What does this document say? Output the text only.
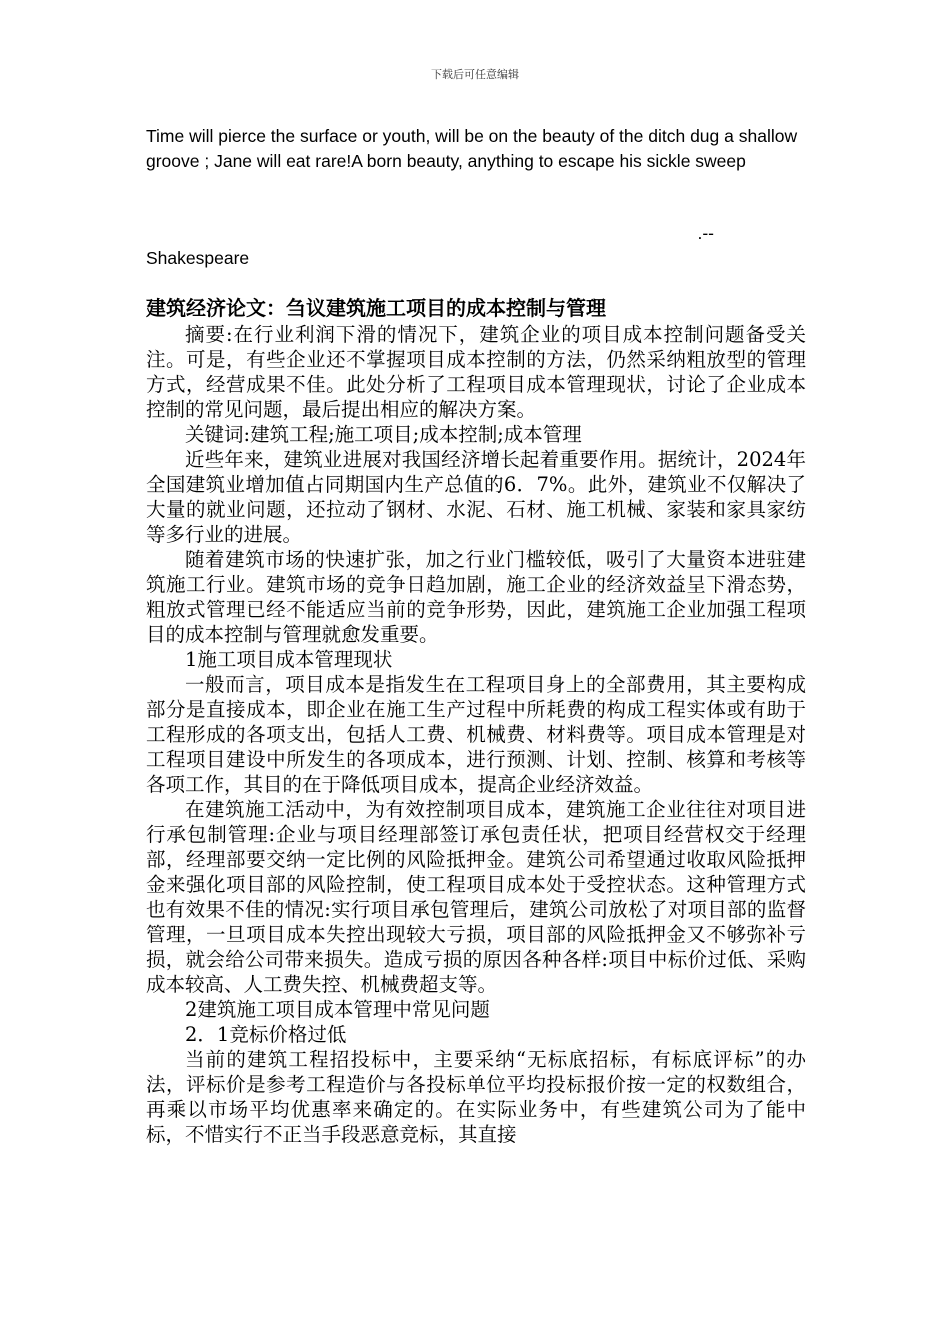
下载后可任意编辑
Time will pierce the surface or youth, will be on the beauty of the ditch dug a shallow groove ; Jane will eat rare!A born beauty, anything to escape his sickle sweep
.--
Shakespeare
建筑经济论文：刍议建筑施工项目的成本控制与管理

摘要:在行业利润下滑的情况下，建筑企业的项目成本控制问题备受关注。可是，有些企业还不掌握项目成本控制的方法，仍然采纳粗放型的管理方式，经营成果不佳。此处分析了工程项目成本管理现状，讨论了企业成本控制的常见问题，最后提出相应的解决方案。

关键词:建筑工程;施工项目;成本控制;成本管理

近些年来，建筑业进展对我国经济增长起着重要作用。据统计，2024年全国建筑业增加值占同期国内生产总值的6．7%。此外，建筑业不仅解决了大量的就业问题，还拉动了钢材、水泥、石材、施工机械、家装和家具家纺等多行业的进展。

随着建筑市场的快速扩张，加之行业门槛较低，吸引了大量资本进驻建筑施工行业。建筑市场的竞争日趋加剧，施工企业的经济效益呈下滑态势，粗放式管理已经不能适应当前的竞争形势，因此，建筑施工企业加强工程项目的成本控制与管理就愈发重要。

1施工项目成本管理现状

一般而言，项目成本是指发生在工程项目身上的全部费用，其主要构成部分是直接成本，即企业在施工生产过程中所耗费的构成工程实体或有助于工程形成的各项支出，包括人工费、机械费、材料费等。项目成本管理是对工程项目建设中所发生的各项成本，进行预测、计划、控制、核算和考核等各项工作，其目的在于降低项目成本，提高企业经济效益。

在建筑施工活动中，为有效控制项目成本，建筑施工企业往往对项目进行承包制管理:企业与项目经理部签订承包责任状，把项目经营权交于经理部，经理部要交纳一定比例的风险抵押金。建筑公司希望通过收取风险抵押金来强化项目部的风险控制，使工程项目成本处于受控状态。这种管理方式也有效果不佳的情况:实行项目承包管理后，建筑公司放松了对项目部的监督管理，一旦项目成本失控出现较大亏损，项目部的风险抵押金又不够弥补亏损，就会给公司带来损失。造成亏损的原因各种各样:项目中标价过低、采购成本较高、人工费失控、机械费超支等。

2建筑施工项目成本管理中常见问题

2．1竞标价格过低

当前的建筑工程招投标中，主要采纳“无标底招标，有标底评标”的办法，评标价是参考工程造价与各投标单位平均投标报价按一定的权数组合，再乘以市场平均优惠率来确定的。在实际业务中，有些建筑公司为了能中标，不惜实行不正当手段恶意竞标，其直接
